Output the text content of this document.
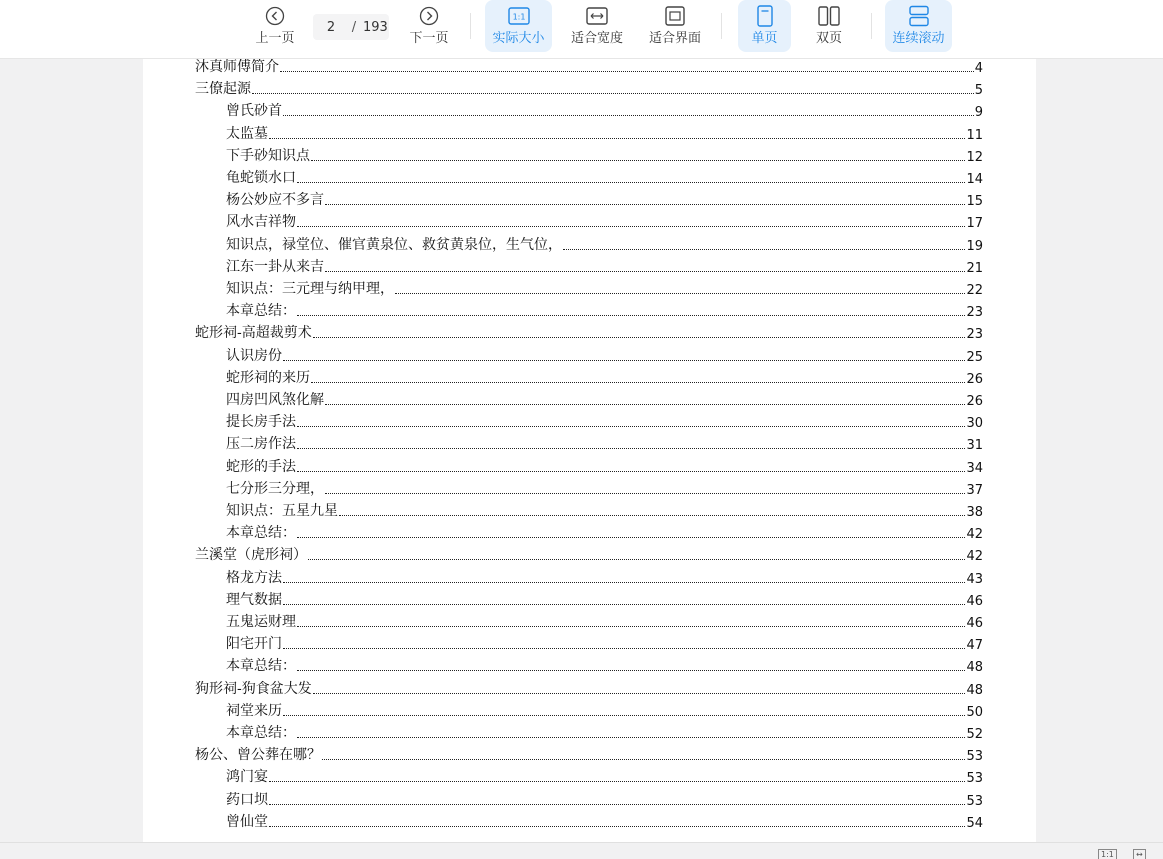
上一页
2	/ 193
下一页
1:1
实际大小 适合宽度 适合界面	单页	双页	连续滚动
沐真师傅简介	4
三僚起源	5
曾氏砂首	9
太监墓	11
下手砂知识点	12
龟蛇锁水口	14
杨公妙应不多言	15
风水吉祥物	17
知识点，禄堂位、催官黄泉位、救贫黄泉位，生气位，	19
江东一卦从来吉	21
知识点：三元理与纳甲理，	22
本章总结：	23
蛇形祠-高超裁剪术	23
认识房份	25
蛇形祠的来历	26
四房凹风煞化解	26
提长房手法	30
压二房作法	31
蛇形的手法	34
七分形三分理，	37
知识点：五星九星	38
本章总结：	42
兰溪堂（虎形祠）	42
格龙方法	43
理气数据	46
五鬼运财理	46
阳宅开门	47
本章总结：	48
狗形祠-狗食盆大发	48
祠堂来历	50
本章总结：	52
杨公、曾公葬在哪？	53
鸿门宴	53
药口坝	53
曾仙堂	54
1:1	↔
